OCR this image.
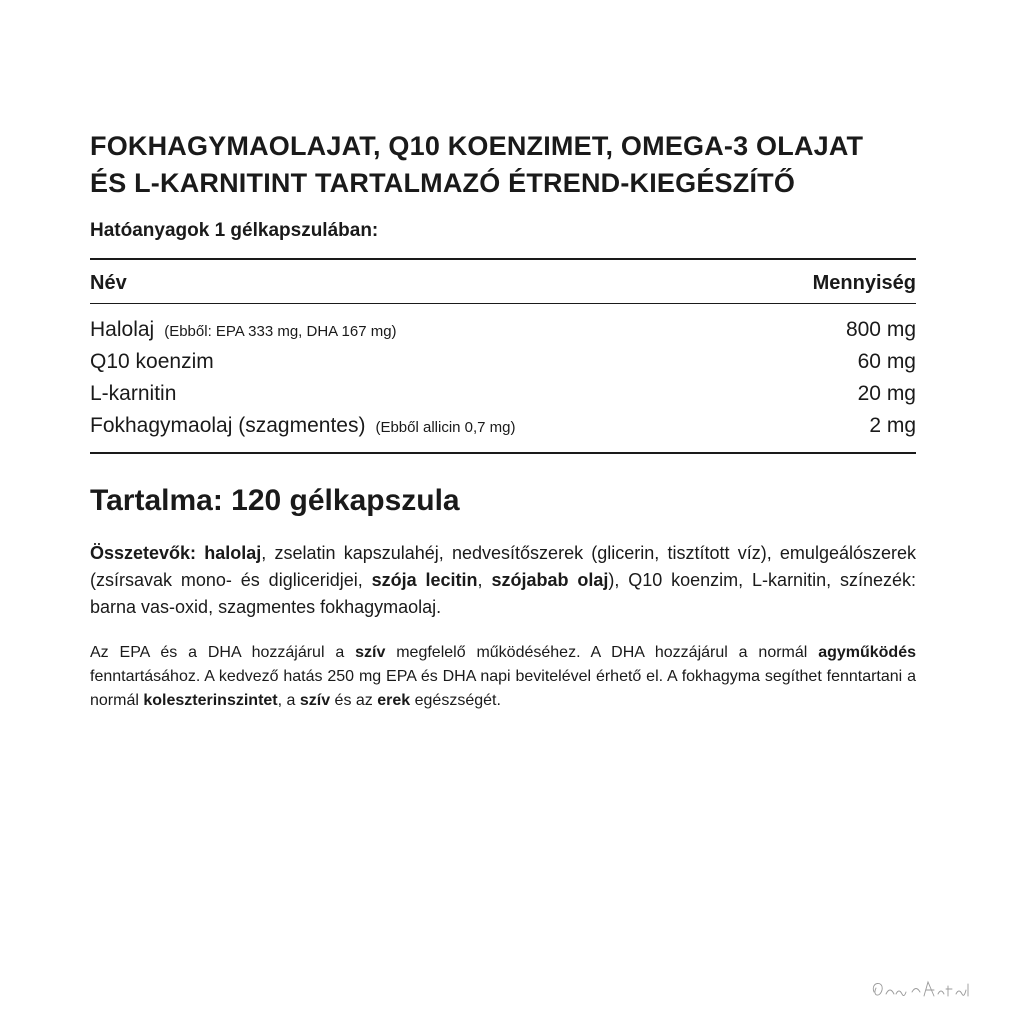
FOKHAGYMAOLAJAT, Q10 KOENZIMET, OMEGA-3 OLAJAT
ÉS L-KARNITINT TARTALMAZÓ ÉTREND-KIEGÉSZÍTŐ

Hatóanyagok 1 gélkapszulában:

Név	Mennyiség
Halolaj (Ebből: EPA 333 mg, DHA 167 mg)	800 mg
Q10 koenzim	60 mg
L-karnitin	20 mg
Fokhagymaolaj (szagmentes) (Ebből allicin 0,7 mg)	2 mg
Tartalma: 120 gélkapszula

Összetevők: halolaj, zselatin kapszulahéj, nedvesítőszerek (glicerin, tisztított víz), emulgeálószerek (zsírsavak mono- és digliceridjei, szója lecitin, szójabab olaj), Q10 koenzim, L-karnitin, színezék: barna vas-oxid, szagmentes fokhagymaolaj.

Az EPA és a DHA hozzájárul a szív megfelelő működéséhez. A DHA hozzájárul a normál agyműködés fenntartásához. A kedvező hatás 250 mg EPA és DHA napi bevitelével érhető el. A fokhagyma segíthet fenntartani a normál koleszterinszintet, a szív és az erek egészségét.
